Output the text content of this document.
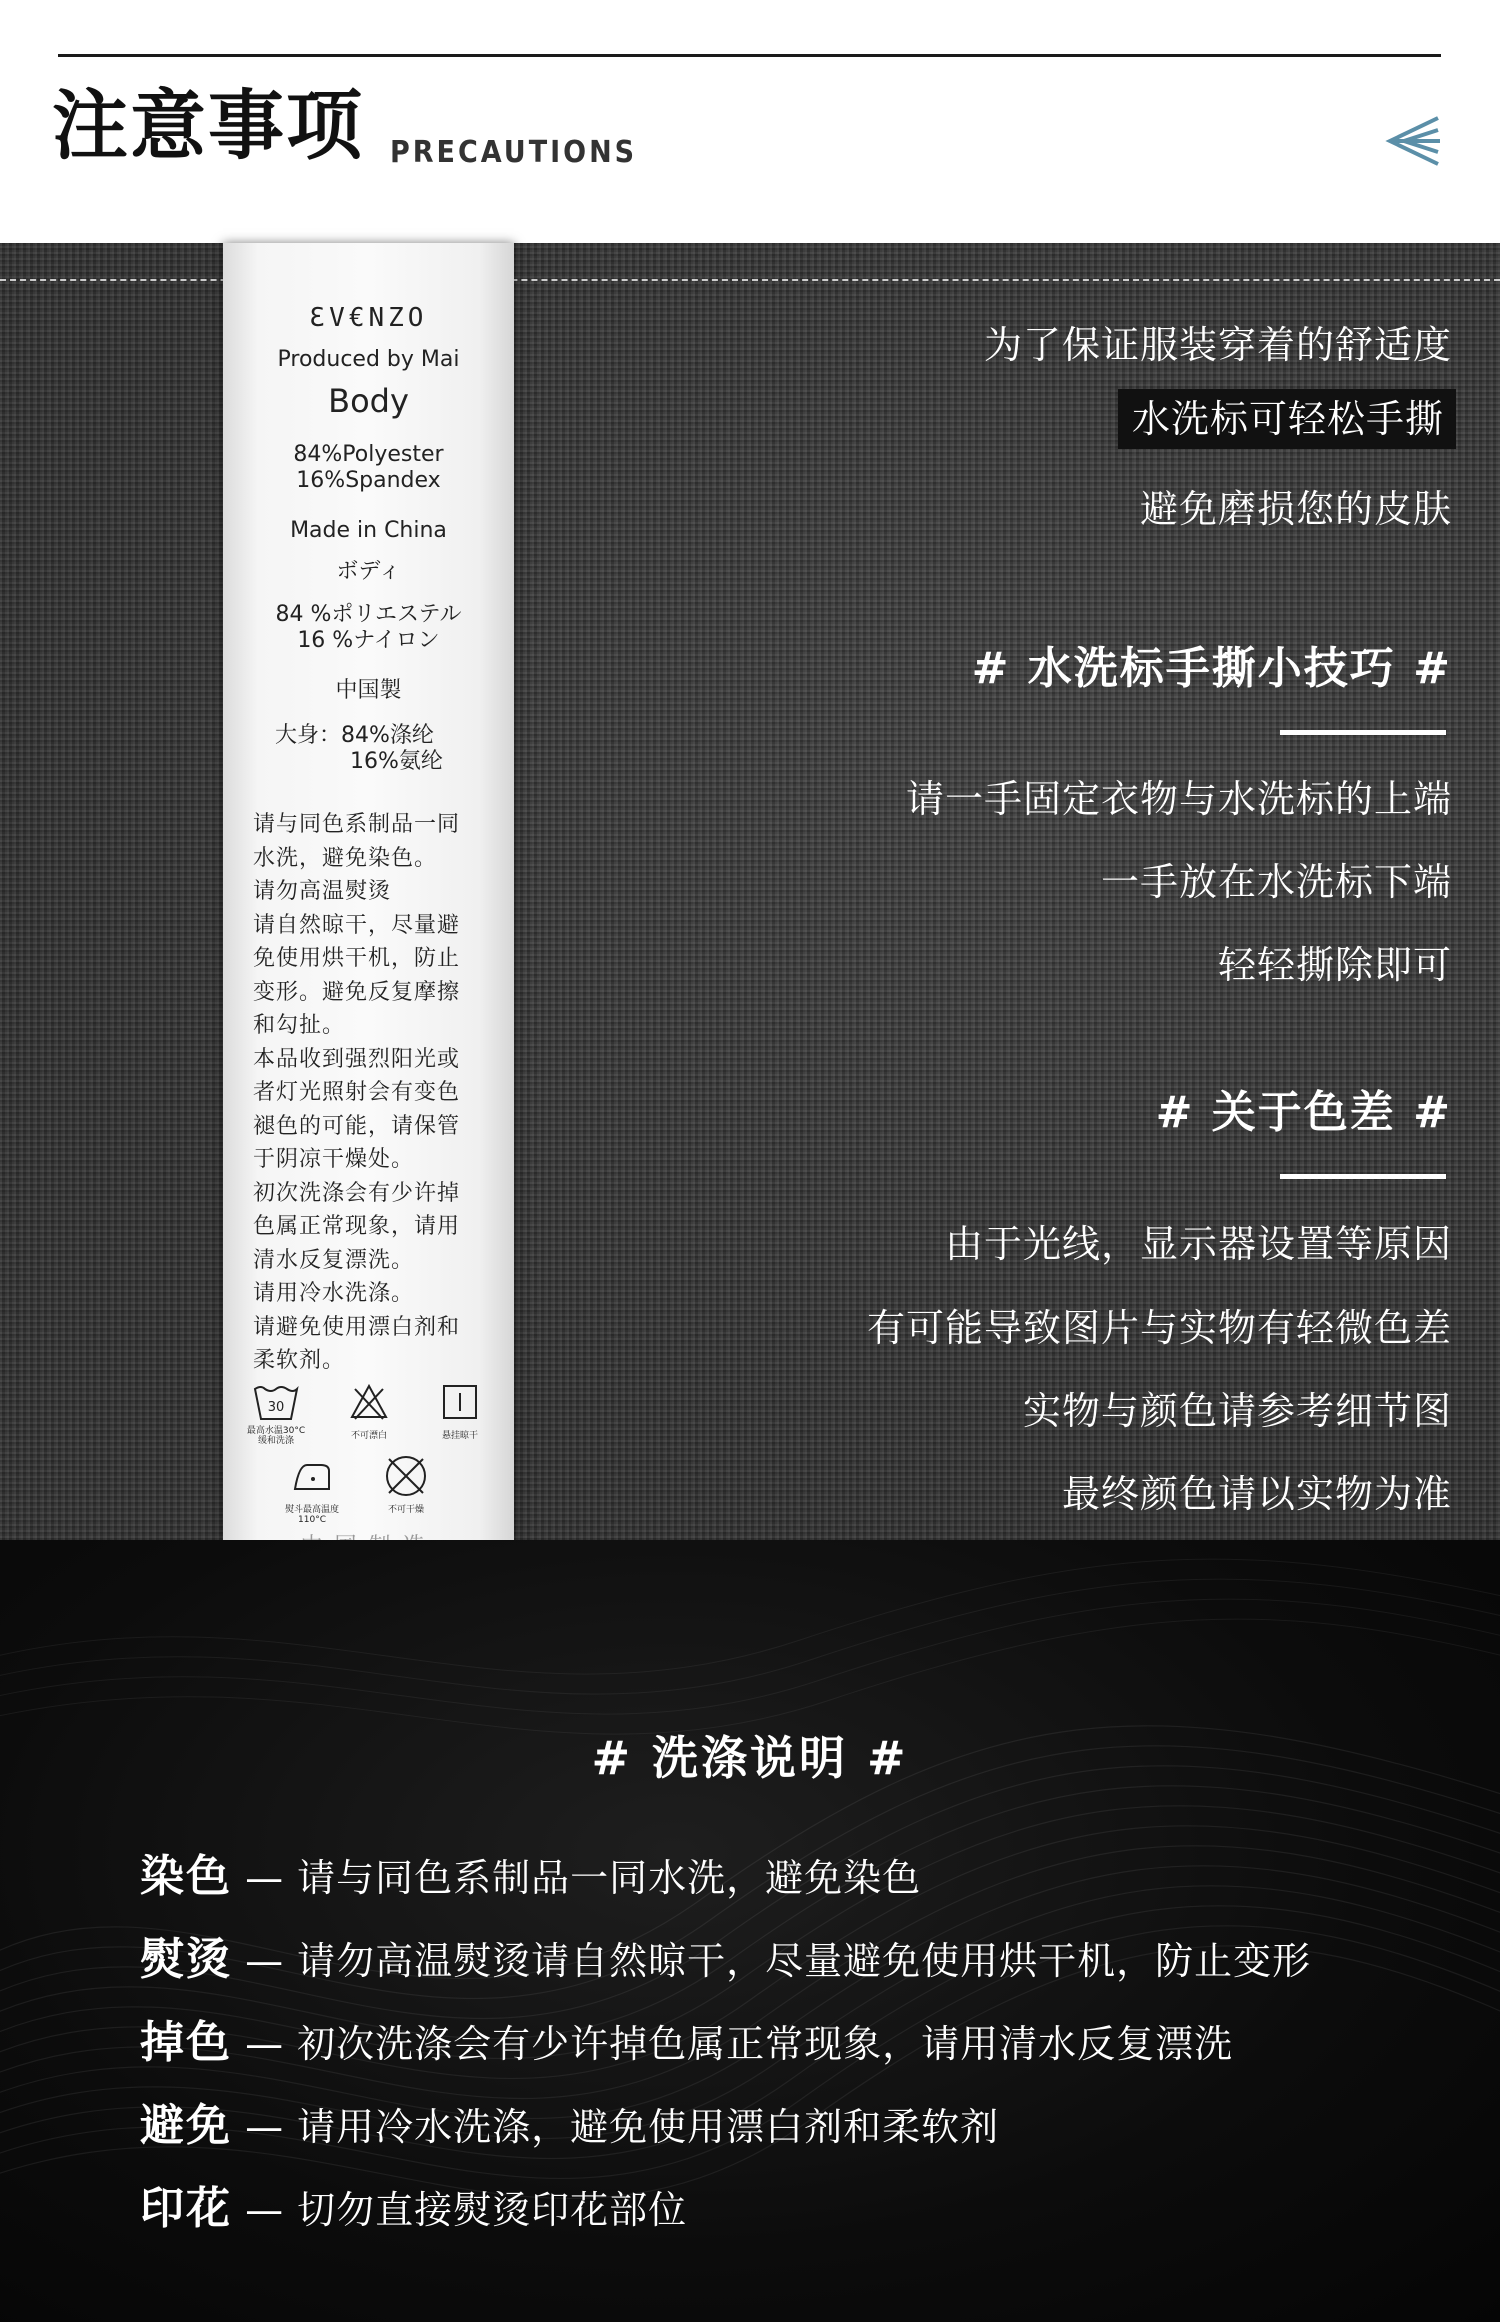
注意事项 PRECAUTIONS
ƐV€NZO
Produced by Mai
Body
84%Polyester
16%Spandex
Made in China
ボディ
84 %ポリエステル
16 %ナイロン
中国製
大身：84%涤纶
16%氨纶
请与同色系制品一同
水洗，避免染色。
请勿高温熨烫
请自然晾干，尽量避
免使用烘干机，防止
变形。避免反复摩擦
和勾扯。
本品收到强烈阳光或
者灯光照射会有变色
褪色的可能，请保管
于阴凉干燥处。
初次洗涤会有少许掉
色属正常现象，请用
清水反复漂洗。
请用冷水洗涤。
请避免使用漂白剂和
柔软剂。
30
最高水温30°C 缓和洗涤	不可漂白	悬挂晾干
熨斗最高温度110°C
不可干燥
为了保证服装穿着的舒适度
水洗标可轻松手撕
避免磨损您的皮肤
# 水洗标手撕小技巧 #
请一手固定衣物与水洗标的上端
一手放在水洗标下端
轻轻撕除即可
# 关于色差 #
由于光线，显示器设置等原因
有可能导致图片与实物有轻微色差
实物与颜色请参考细节图
最终颜色请以实物为准
# 洗涤说明 #
染色 — 请与同色系制品一同水洗，避免染色
熨烫 — 请勿高温熨烫请自然晾干，尽量避免使用烘干机，防止变形
掉色 — 初次洗涤会有少许掉色属正常现象，请用清水反复漂洗
避免 — 请用冷水洗涤，避免使用漂白剂和柔软剂
印花 — 切勿直接熨烫印花部位
